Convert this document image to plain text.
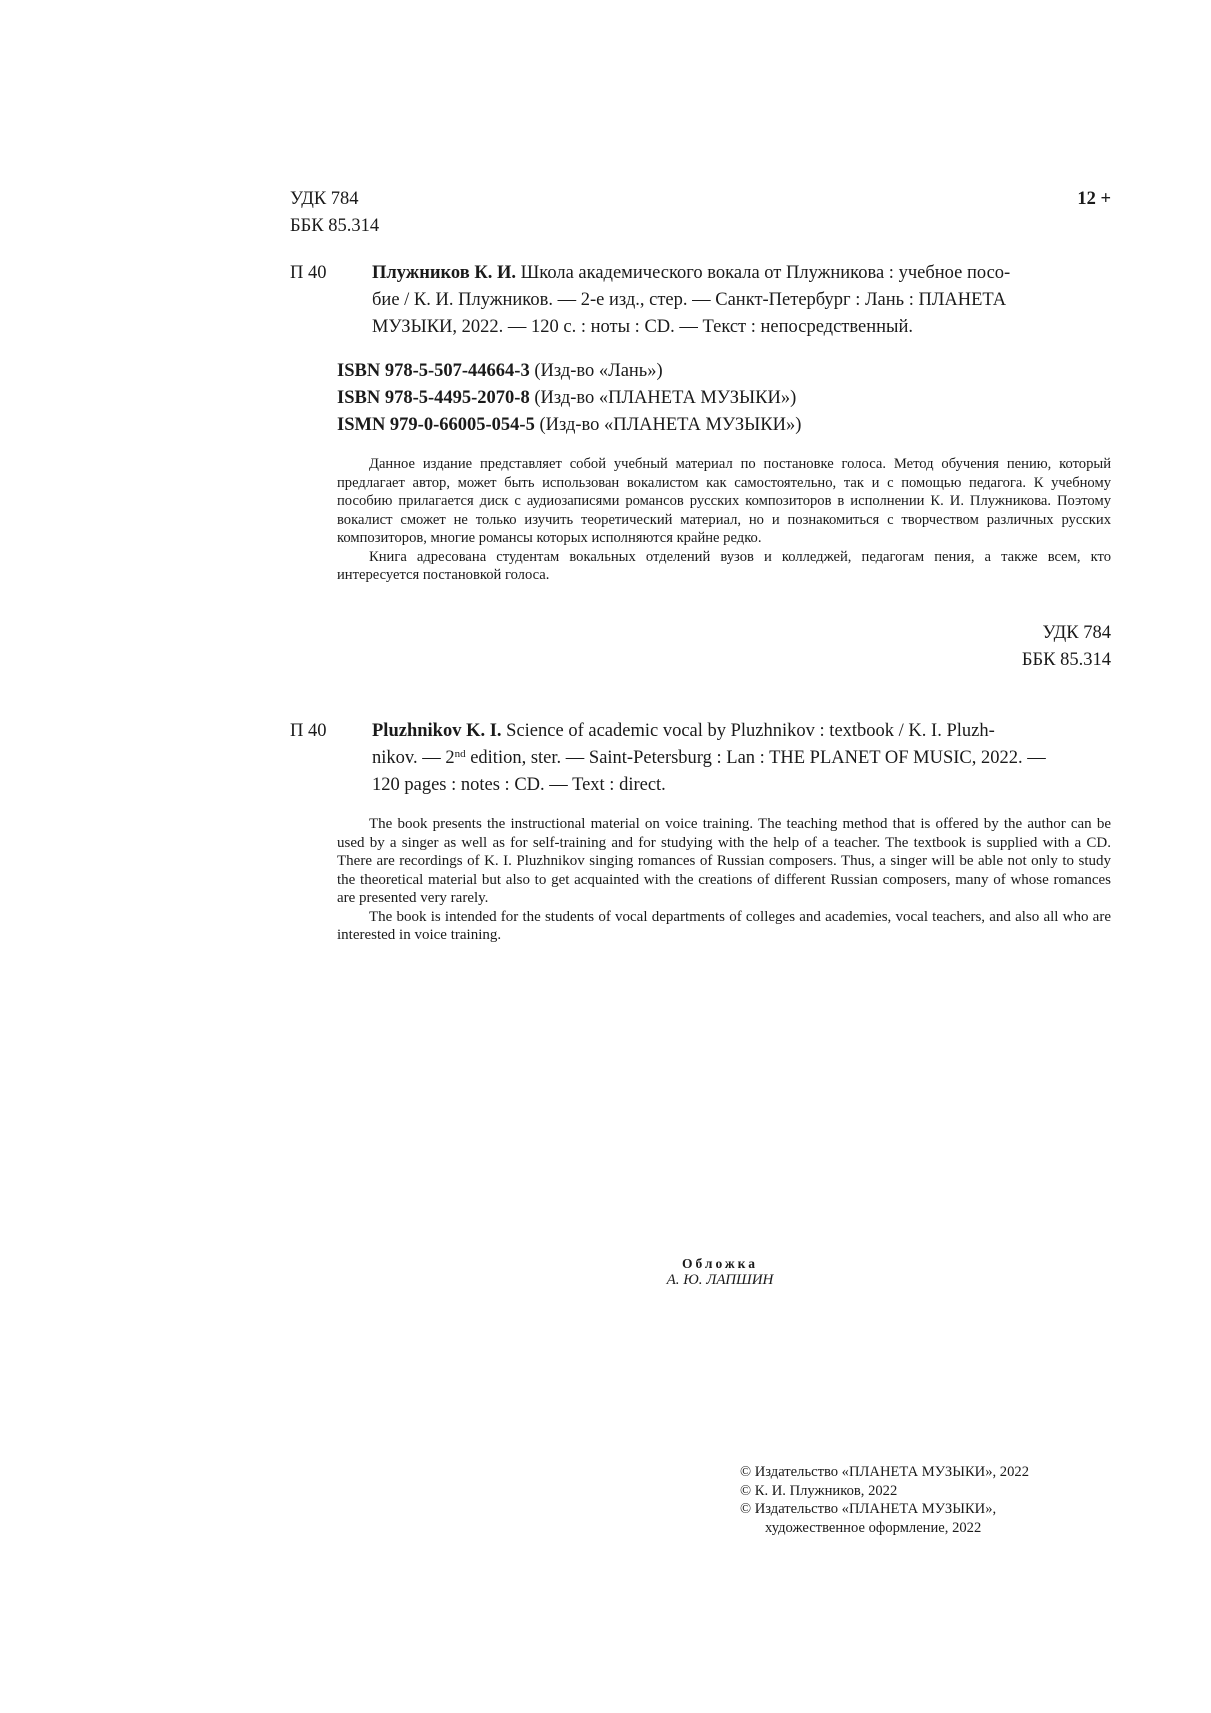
УДК 784
ББК 85.314
12 +
П 40 Плужников К. И. Школа академического вокала от Плужникова : учебное посо-
бие / К. И. Плужников. — 2-е изд., стер. — Санкт-Петербург : Лань : ПЛАНЕТА
МУЗЫКИ, 2022. — 120 с. : ноты : CD. — Текст : непосредственный.
ISBN 978-5-507-44664-3 (Изд-во «Лань»)
ISBN 978-5-4495-2070-8 (Изд-во «ПЛАНЕТА МУЗЫКИ»)
ISMN 979-0-66005-054-5 (Изд-во «ПЛАНЕТА МУЗЫКИ»)

Данное издание представляет собой учебный материал по постановке голоса. Метод обучения пению, который предлагает автор, может быть использован вокалистом как самостоятельно, так и с помощью педагога. К учебному пособию прилагается диск с аудиозаписями романсов русских композиторов в исполнении К. И. Плужникова. Поэтому вокалист сможет не только изучить теоретический материал, но и познакомиться с творчеством различных русских композиторов, многие романсы которых исполняются крайне редко.

Книга адресована студентам вокальных отделений вузов и колледжей, педагогам пения, а также всем, кто интересуется постановкой голоса.

УДК 784
ББК 85.314
П 40 Pluzhnikov K. I. Science of academic vocal by Pluzhnikov : textbook / K. I. Pluzh-
nikov. — 2nd edition, ster. — Saint-Petersburg : Lan : THE PLANET OF MUSIC, 2022. —
120 pages : notes : CD. — Text : direct.

The book presents the instructional material on voice training. The teaching method that is offered by the author can be used by a singer as well as for self-training and for studying with the help of a teacher. The textbook is supplied with a CD. There are recordings of K. I. Pluzhnikov singing romances of Russian composers. Thus, a singer will be able not only to study the theoretical material but also to get acquainted with the creations of different Russian composers, many of whose romances are presented very rarely.

The book is intended for the students of vocal departments of colleges and academies, vocal teachers, and also all who are interested in voice training.

Обложка
А. Ю. ЛАПШИН
© Издательство «ПЛАНЕТА МУЗЫКИ», 2022
© К. И. Плужников, 2022
© Издательство «ПЛАНЕТА МУЗЫКИ»,
художественное оформление, 2022
